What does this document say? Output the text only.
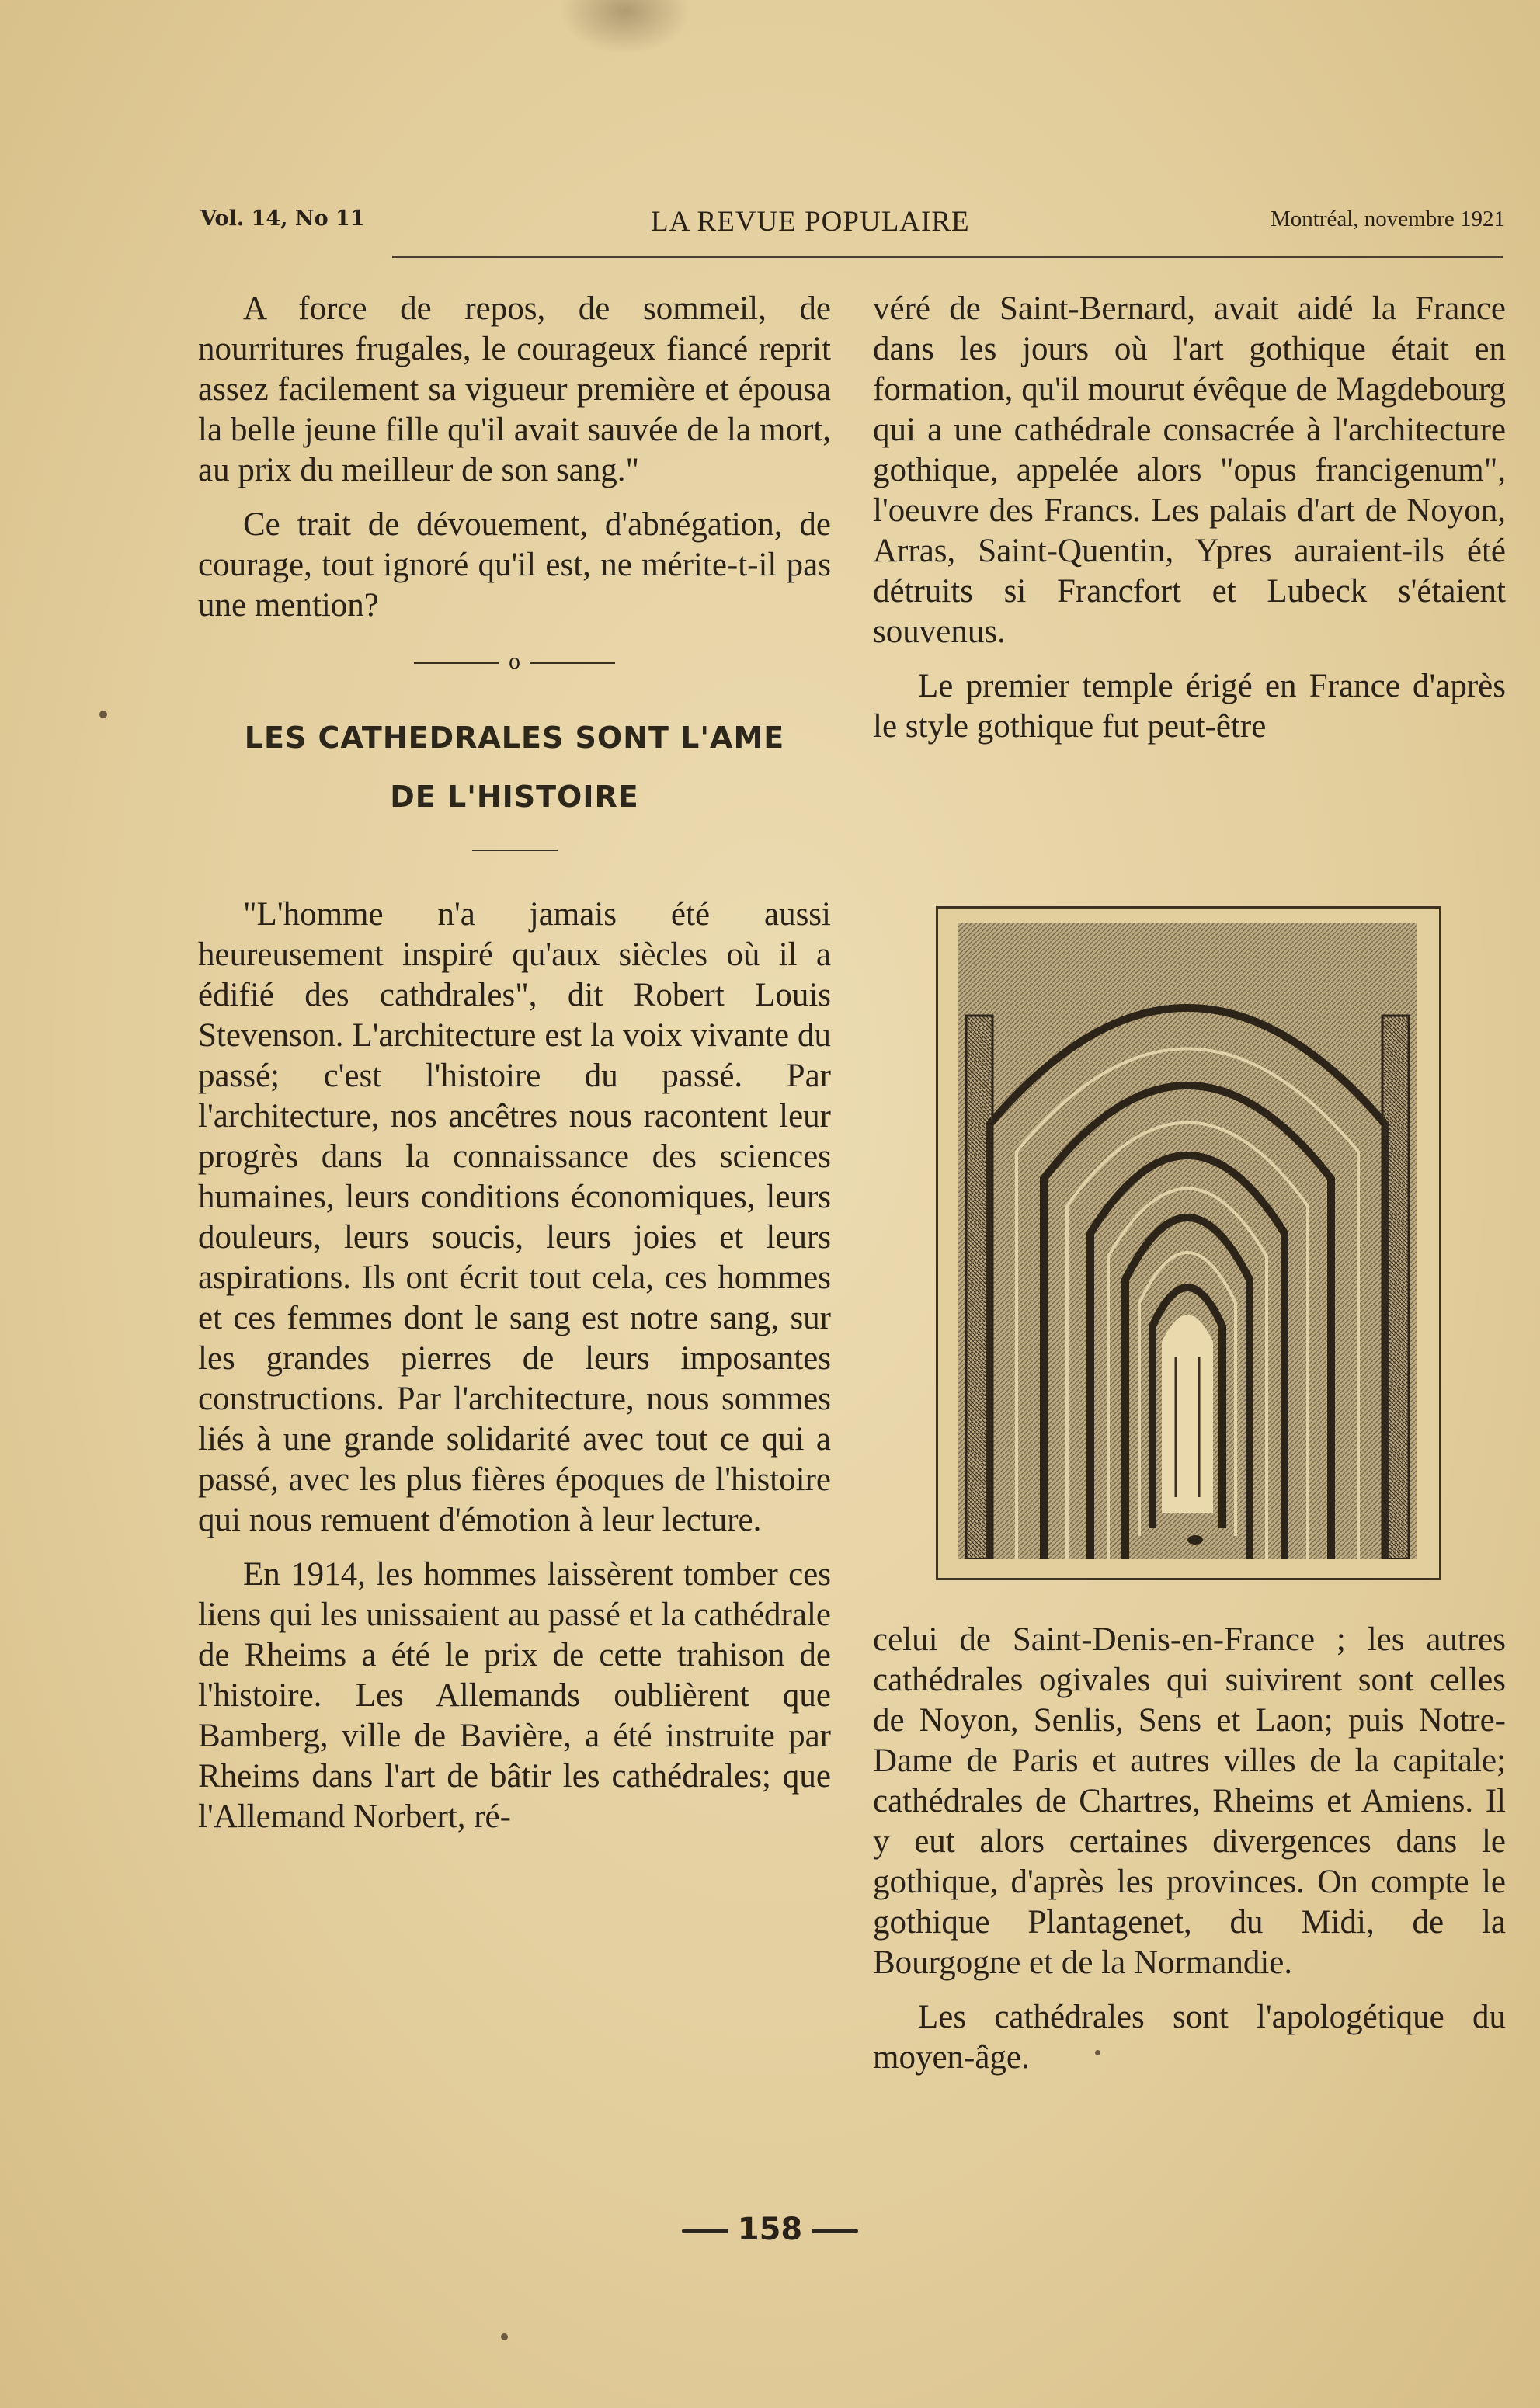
Vol. 14, No 11	LA REVUE POPULAIRE	Montréal, novembre 1921

A force de repos, de sommeil, de nourritures frugales, le courageux fiancé reprit assez facilement sa vigueur première et épousa la belle jeune fille qu'il avait sauvée de la mort, au prix du meilleur de son sang."

Ce trait de dévouement, d'abnégation, de courage, tout ignoré qu'il est, ne mérite-t-il pas une mention?

o
LES CATHEDRALES SONT L'AME
DE L'HISTOIRE

"L'homme n'a jamais été aussi heureusement inspiré qu'aux siècles où il a édifié des cathdrales", dit Robert Louis Stevenson. L'architecture est la voix vivante du passé; c'est l'histoire du passé. Par l'architecture, nos ancêtres nous racontent leur progrès dans la connaissance des sciences humaines, leurs conditions économiques, leurs douleurs, leurs soucis, leurs joies et leurs aspirations. Ils ont écrit tout cela, ces hommes et ces femmes dont le sang est notre sang, sur les grandes pierres de leurs imposantes constructions. Par l'architecture, nous sommes liés à une grande solidarité avec tout ce qui a passé, avec les plus fières époques de l'histoire qui nous remuent d'émotion à leur lecture.

En 1914, les hommes laissèrent tomber ces liens qui les unissaient au passé et la cathédrale de Rheims a été le prix de cette trahison de l'histoire. Les Allemands oublièrent que Bamberg, ville de Bavière, a été instruite par Rheims dans l'art de bâtir les cathédrales; que l'Allemand Norbert, ré-

véré de Saint-Bernard, avait aidé la France dans les jours où l'art gothique était en formation, qu'il mourut évêque de Magdebourg qui a une cathédrale consacrée à l'architecture gothique, appelée alors "opus francigenum", l'oeuvre des Francs. Les palais d'art de Noyon, Arras, Saint-Quentin, Ypres auraient-ils été détruits si Francfort et Lubeck s'étaient souvenus.

Le premier temple érigé en France d'après le style gothique fut peut-être

celui de Saint-Denis-en-France ; les autres cathédrales ogivales qui suivirent sont celles de Noyon, Senlis, Sens et Laon; puis Notre-Dame de Paris et autres villes de la capitale; cathédrales de Chartres, Rheims et Amiens. Il y eut alors certaines divergences dans le gothique, d'après les provinces. On compte le gothique Plantagenet, du Midi, de la Bourgogne et de la Normandie.

Les cathédrales sont l'apologétique du moyen-âge.

158
